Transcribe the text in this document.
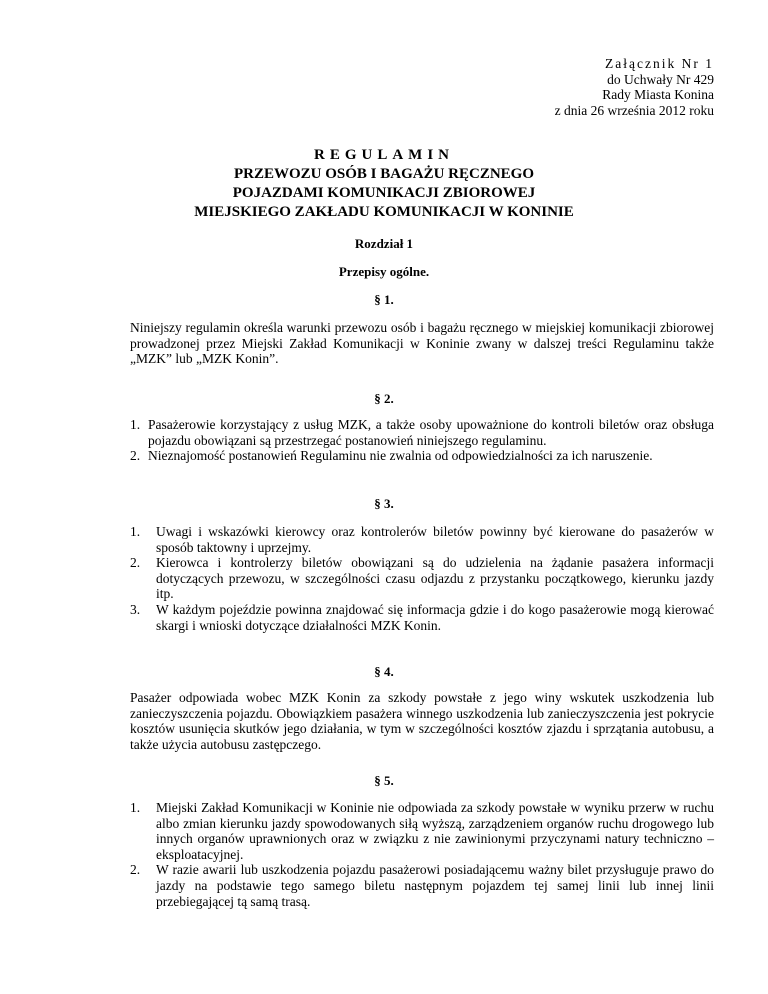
Załącznik Nr 1
do Uchwały Nr 429
Rady Miasta Konina
z dnia 26 września 2012 roku
REGULAMIN
PRZEWOZU OSÓB I BAGAŻU RĘCZNEGO
POJAZDAMI KOMUNIKACJI ZBIOROWEJ
MIEJSKIEGO ZAKŁADU KOMUNIKACJI W KONINIE
Rozdział 1
Przepisy ogólne.
§ 1.
Niniejszy regulamin określa warunki przewozu osób i bagażu ręcznego w miejskiej komunikacji zbiorowej prowadzonej przez Miejski Zakład Komunikacji w Koninie zwany w dalszej treści Regulaminu także „MZK” lub „MZK Konin”.
§ 2.
1. Pasażerowie korzystający z usług MZK, a także osoby upoważnione do kontroli biletów oraz obsługa pojazdu obowiązani są przestrzegać postanowień niniejszego regulaminu.
2. Nieznajomość postanowień Regulaminu nie zwalnia od odpowiedzialności za ich naruszenie.
§ 3.
1. Uwagi i wskazówki kierowcy oraz kontrolerów biletów powinny być kierowane do pasażerów w sposób taktowny i uprzejmy.
2. Kierowca i kontrolerzy biletów obowiązani są do udzielenia na żądanie pasażera informacji dotyczących przewozu, w szczególności czasu odjazdu z przystanku początkowego, kierunku jazdy itp.
3. W każdym pojeździe powinna znajdować się informacja gdzie i do kogo pasażerowie mogą kierować skargi i wnioski dotyczące działalności MZK Konin.
§ 4.
Pasażer odpowiada wobec MZK Konin za szkody powstałe z jego winy wskutek uszkodzenia lub zanieczyszczenia pojazdu. Obowiązkiem pasażera winnego uszkodzenia lub zanieczyszczenia jest pokrycie kosztów usunięcia skutków jego działania, w tym w szczególności kosztów zjazdu i sprzątania autobusu, a także użycia autobusu zastępczego.
§ 5.
1. Miejski Zakład Komunikacji w Koninie nie odpowiada za szkody powstałe w wyniku przerw w ruchu albo zmian kierunku jazdy spowodowanych siłą wyższą, zarządzeniem organów ruchu drogowego lub innych organów uprawnionych oraz w związku z nie zawinionymi przyczynami natury techniczno – eksploatacyjnej.
2. W razie awarii lub uszkodzenia pojazdu pasażerowi posiadającemu ważny bilet przysługuje prawo do jazdy na podstawie tego samego biletu następnym pojazdem tej samej linii lub innej linii przebiegającej tą samą trasą.
